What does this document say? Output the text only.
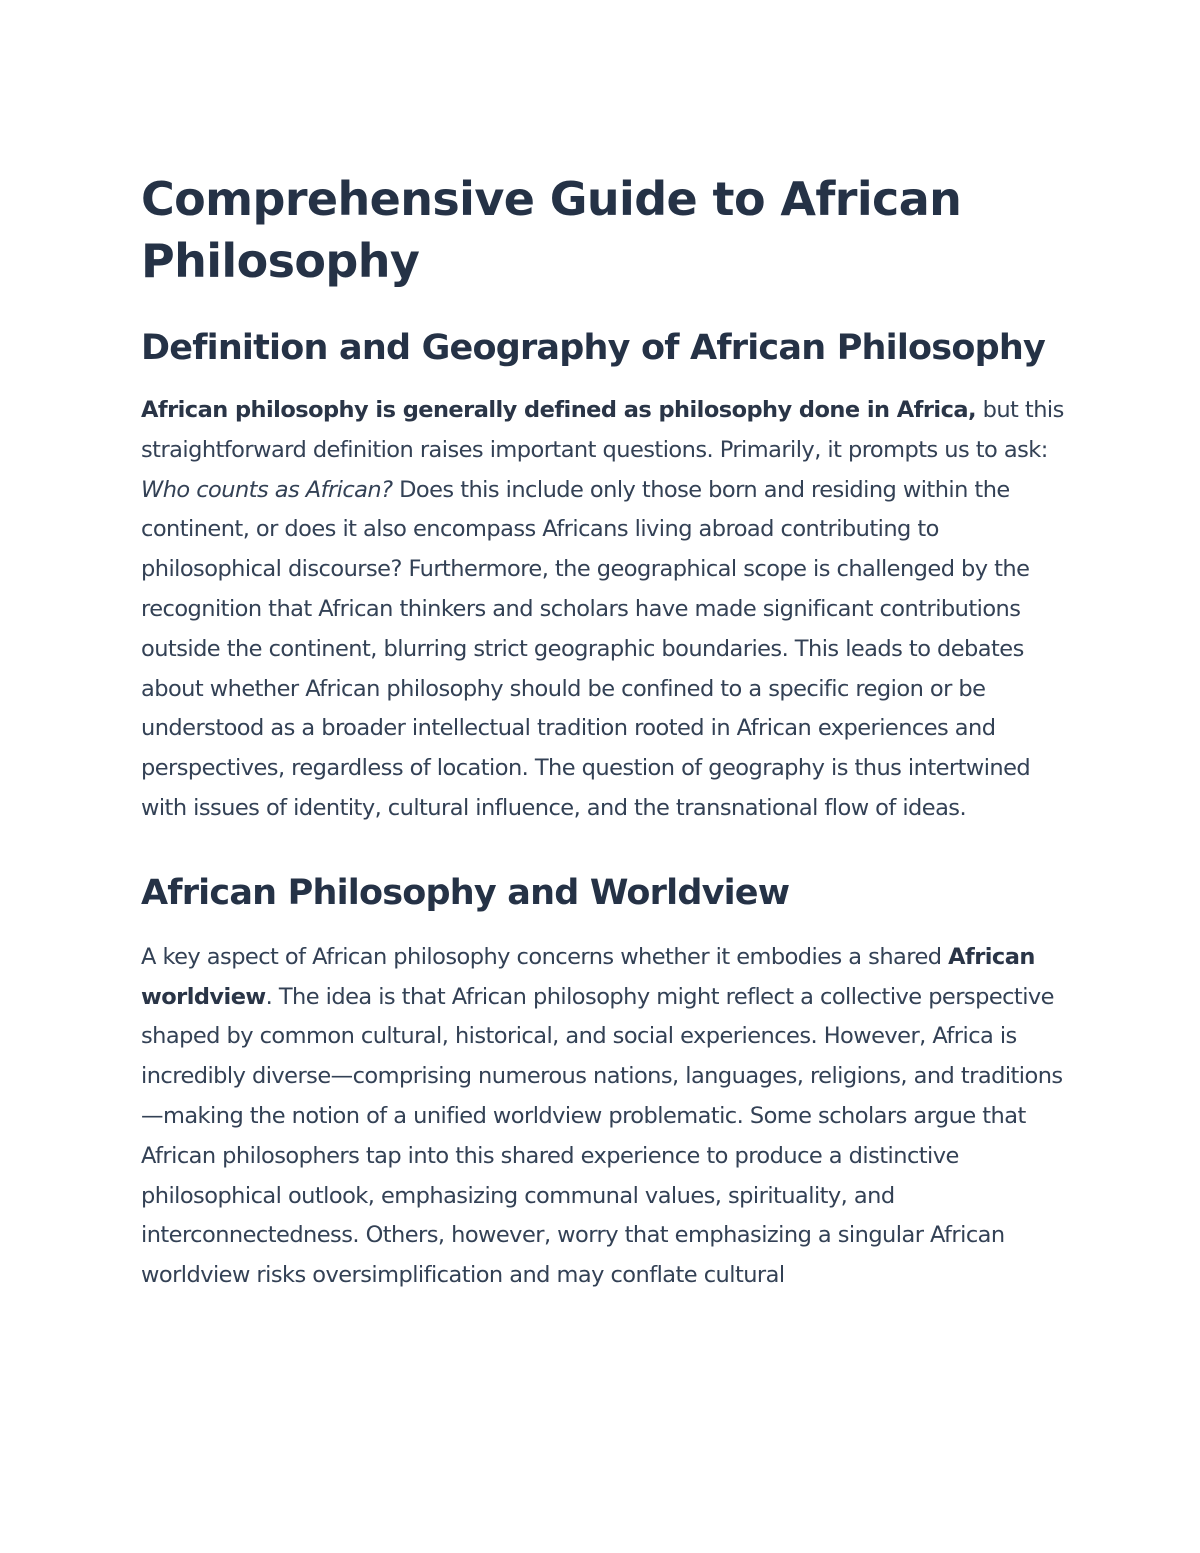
Comprehensive Guide to African Philosophy
Definition and Geography of African Philosophy

African philosophy is generally defined as philosophy done in Africa, but this straightforward definition raises important questions. Primarily, it prompts us to ask: Who counts as African? Does this include only those born and residing within the continent, or does it also encompass Africans living abroad contributing to philosophical discourse? Furthermore, the geographical scope is challenged by the recognition that African thinkers and scholars have made significant contributions outside the continent, blurring strict geographic boundaries. This leads to debates about whether African philosophy should be confined to a specific region or be understood as a broader intellectual tradition rooted in African experiences and perspectives, regardless of location. The question of geography is thus intertwined with issues of identity, cultural influence, and the transnational flow of ideas.

African Philosophy and Worldview

A key aspect of African philosophy concerns whether it embodies a shared African worldview. The idea is that African philosophy might reflect a collective perspective shaped by common cultural, historical, and social experiences. However, Africa is incredibly diverse—comprising numerous nations, languages, religions, and traditions—making the notion of a unified worldview problematic. Some scholars argue that African philosophers tap into this shared experience to produce a distinctive philosophical outlook, emphasizing communal values, spirituality, and interconnectedness. Others, however, worry that emphasizing a singular African worldview risks oversimplification and may conflate cultural
